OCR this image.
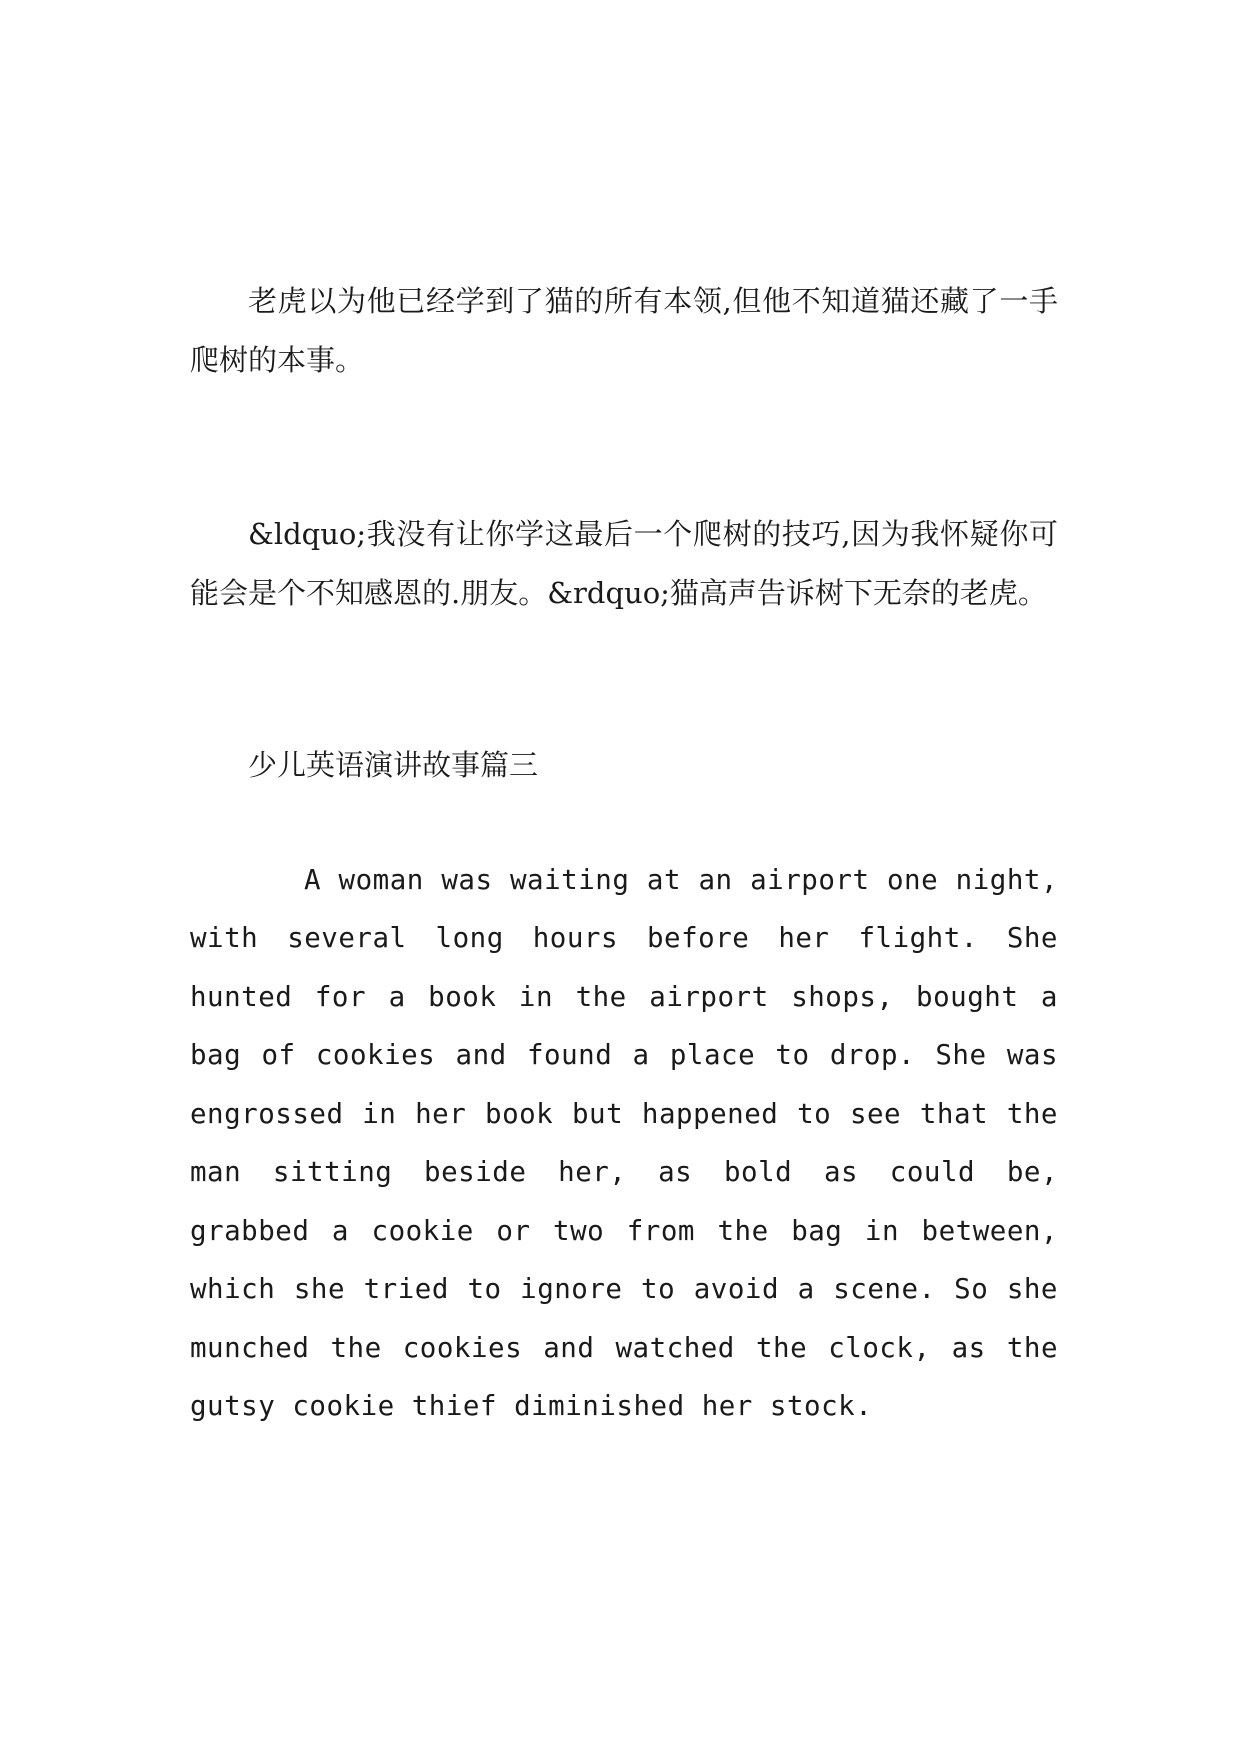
老虎以为他已经学到了猫的所有本领,但他不知道猫还藏了一手爬树的本事。

&ldquo;我没有让你学这最后一个爬树的技巧,因为我怀疑你可能会是个不知感恩的.朋友。&rdquo;猫高声告诉树下无奈的老虎。

少儿英语演讲故事篇三

A woman was waiting at an airport one night, with several long hours before her flight. She hunted for a book in the airport shops, bought a bag of cookies and found a place to drop. She was engrossed in her book but happened to see that the man sitting beside her, as bold as could be, grabbed a cookie or two from the bag in between, which she tried to ignore to avoid a scene. So she munched the cookies and watched the clock, as the gutsy cookie thief diminished her stock.
